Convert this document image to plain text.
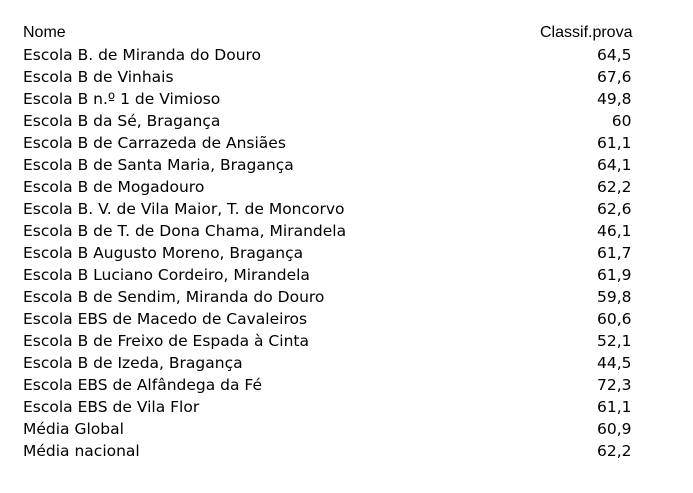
Nome	Classif.prova
Escola B. de Miranda do Douro	64,5
Escola B de Vinhais	67,6
Escola B n.º 1 de Vimioso	49,8
Escola B da Sé, Bragança	60
Escola B de Carrazeda de Ansiães	61,1
Escola B de Santa Maria, Bragança	64,1
Escola B de Mogadouro	62,2
Escola B. V. de Vila Maior, T. de Moncorvo	62,6
Escola B de T. de Dona Chama, Mirandela	46,1
Escola B Augusto Moreno, Bragança	61,7
Escola B Luciano Cordeiro, Mirandela	61,9
Escola B de Sendim, Miranda do Douro	59,8
Escola EBS de Macedo de Cavaleiros	60,6
Escola B de Freixo de Espada à Cinta	52,1
Escola B de Izeda, Bragança	44,5
Escola EBS de Alfândega da Fé	72,3
Escola EBS de Vila Flor	61,1
Média Global	60,9
Média nacional	62,2
